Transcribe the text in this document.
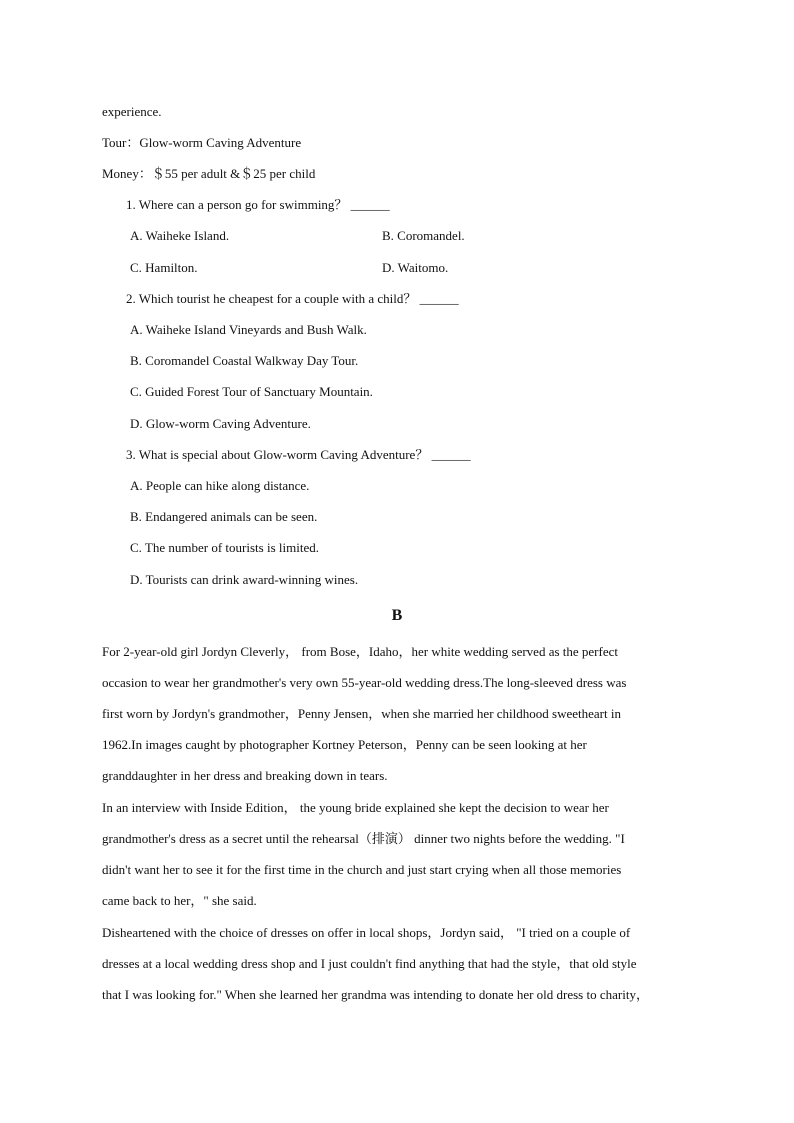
experience.
Tour：Glow-worm Caving Adventure
Money：＄55 per adult &＄25 per child
1. Where can a person go for swimming？ ______
A. Waiheke Island.	B. Coromandel.
C. Hamilton.	D. Waitomo.
2. Which tourist he cheapest for a couple with a child？ ______
A. Waiheke Island Vineyards and Bush Walk.
B. Coromandel Coastal Walkway Day Tour.
C. Guided Forest Tour of Sanctuary Mountain.
D. Glow-worm Caving Adventure.
3. What is special about Glow-worm Caving Adventure？ ______
A. People can hike along distance.
B. Endangered animals can be seen.
C. The number of tourists is limited.
D. Tourists can drink award-winning wines.
B
For 2-year-old girl Jordyn Cleverly， from Bose，Idaho，her white wedding served as the perfect
occasion to wear her grandmother's very own 55-year-old wedding dress.The long-sleeved dress was
first worn by Jordyn's grandmother，Penny Jensen，when she married her childhood sweetheart in
1962.In images caught by photographer Kortney Peterson，Penny can be seen looking at her
granddaughter in her dress and breaking down in tears.
In an interview with Inside Edition， the young bride explained she kept the decision to wear her
grandmother's dress as a secret until the rehearsal（排演） dinner two nights before the wedding. "I
didn't want her to see it for the first time in the church and just start crying when all those memories
came back to her，" she said.
Disheartened with the choice of dresses on offer in local shops，Jordyn said， "I tried on a couple of
dresses at a local wedding dress shop and I just couldn't find anything that had the style，that old style
that I was looking for." When she learned her grandma was intending to donate her old dress to charity，
